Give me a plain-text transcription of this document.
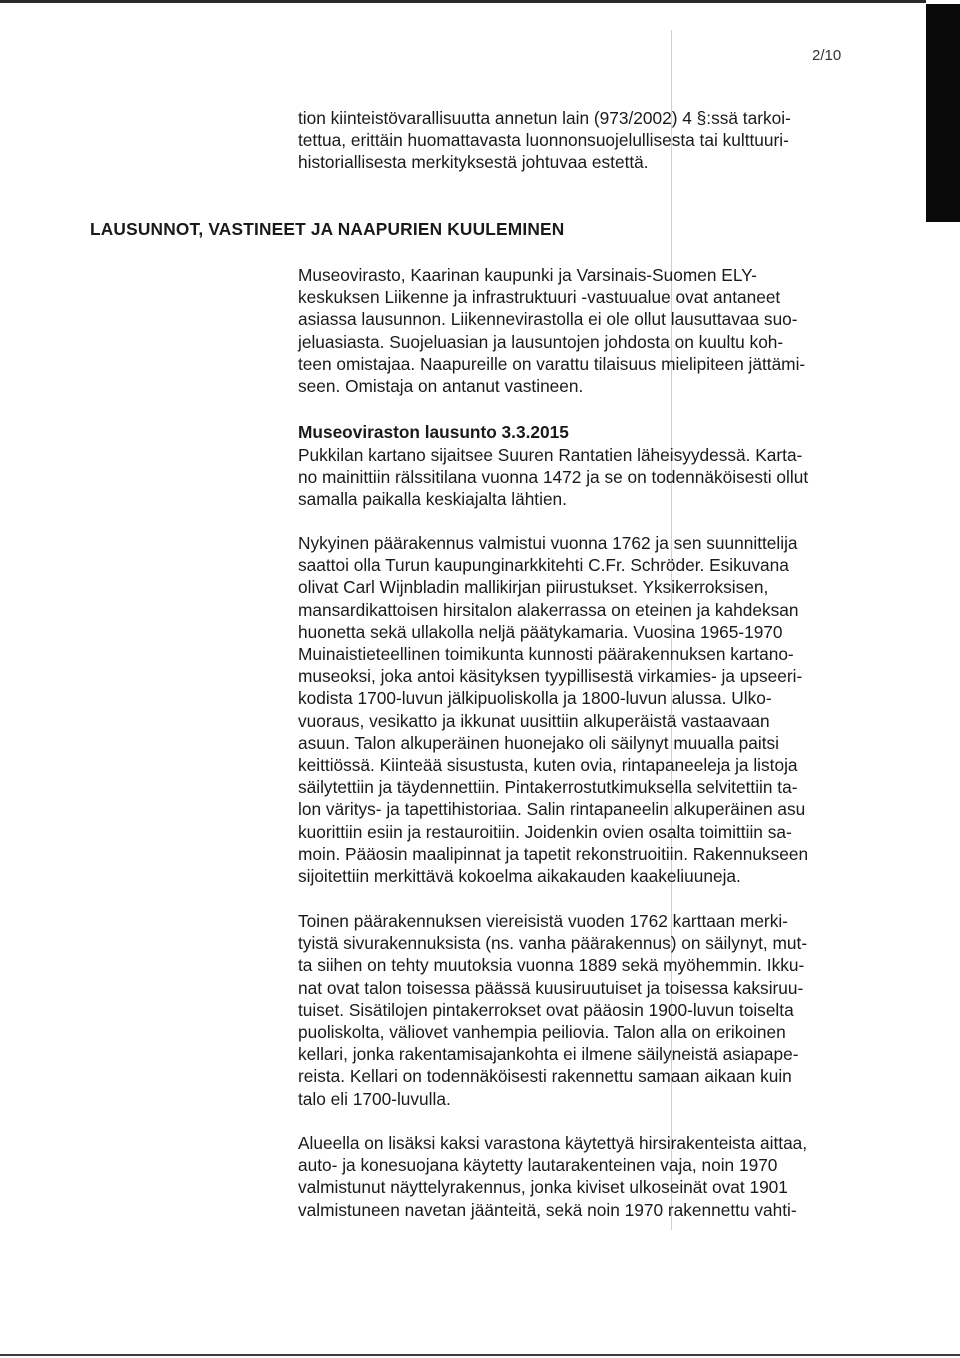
2/10

tion kiinteistövarallisuutta annetun lain (973/2002) 4 §:ssä tarkoi-
tettua, erittäin huomattavasta luonnonsuojelullisesta tai kulttuuri-
historiallisesta merkityksestä johtuvaa estettä.

LAUSUNNOT, VASTINEET JA NAAPURIEN KUULEMINEN

Museovirasto, Kaarinan kaupunki ja Varsinais-Suomen ELY-
keskuksen Liikenne ja infrastruktuuri -vastuualue ovat antaneet
asiassa lausunnon. Liikennevirastolla ei ole ollut lausuttavaa suo-
jeluasiasta. Suojeluasian ja lausuntojen johdosta on kuultu koh-
teen omistajaa. Naapureille on varattu tilaisuus mielipiteen jättämi-
seen. Omistaja on antanut vastineen.

Museoviraston lausunto 3.3.2015

Pukkilan kartano sijaitsee Suuren Rantatien läheisyydessä. Karta-
no mainittiin rälssitilana vuonna 1472 ja se on todennäköisesti ollut
samalla paikalla keskiajalta lähtien.

Nykyinen päärakennus valmistui vuonna 1762 ja sen suunnittelija
saattoi olla Turun kaupunginarkkitehti C.Fr. Schröder. Esikuvana
olivat Carl Wijnbladin mallikirjan piirustukset. Yksikerroksisen,
mansardikattoisen hirsitalon alakerrassa on eteinen ja kahdeksan
huonetta sekä ullakolla neljä päätykamaria. Vuosina 1965-1970
Muinaistieteellinen toimikunta kunnosti päärakennuksen kartano-
museoksi, joka antoi käsityksen tyypillisestä virkamies- ja upseeri-
kodista 1700-luvun jälkipuoliskolla ja 1800-luvun alussa. Ulko-
vuoraus, vesikatto ja ikkunat uusittiin alkuperäistä vastaavaan
asuun. Talon alkuperäinen huonejako oli säilynyt muualla paitsi
keittiössä. Kiinteää sisustusta, kuten ovia, rintapaneeleja ja listoja
säilytettiin ja täydennettiin. Pintakerrostutkimuksella selvitettiin ta-
lon väritys- ja tapettihistoriaa. Salin rintapaneelin alkuperäinen asu
kuorittiin esiin ja restauroitiin. Joidenkin ovien osalta toimittiin sa-
moin. Pääosin maalipinnat ja tapetit rekonstruoitiin. Rakennukseen
sijoitettiin merkittävä kokoelma aikakauden kaakeliuuneja.

Toinen päärakennuksen viereisistä vuoden 1762 karttaan merki-
tyistä sivurakennuksista (ns. vanha päärakennus) on säilynyt, mut-
ta siihen on tehty muutoksia vuonna 1889 sekä myöhemmin. Ikku-
nat ovat talon toisessa päässä kuusiruutuiset ja toisessa kaksiruu-
tuiset. Sisätilojen pintakerrokset ovat pääosin 1900-luvun toiselta
puoliskolta, väliovet vanhempia peiliovia. Talon alla on erikoinen
kellari, jonka rakentamisajankohta ei ilmene säilyneistä asiapape-
reista. Kellari on todennäköisesti rakennettu samaan aikaan kuin
talo eli 1700-luvulla.

Alueella on lisäksi kaksi varastona käytettyä hirsirakenteista aittaa,
auto- ja konesuojana käytetty lautarakenteinen vaja, noin 1970
valmistunut näyttelyrakennus, jonka kiviset ulkoseinät ovat 1901
valmistuneen navetan jäänteitä, sekä noin 1970 rakennettu vahti-
